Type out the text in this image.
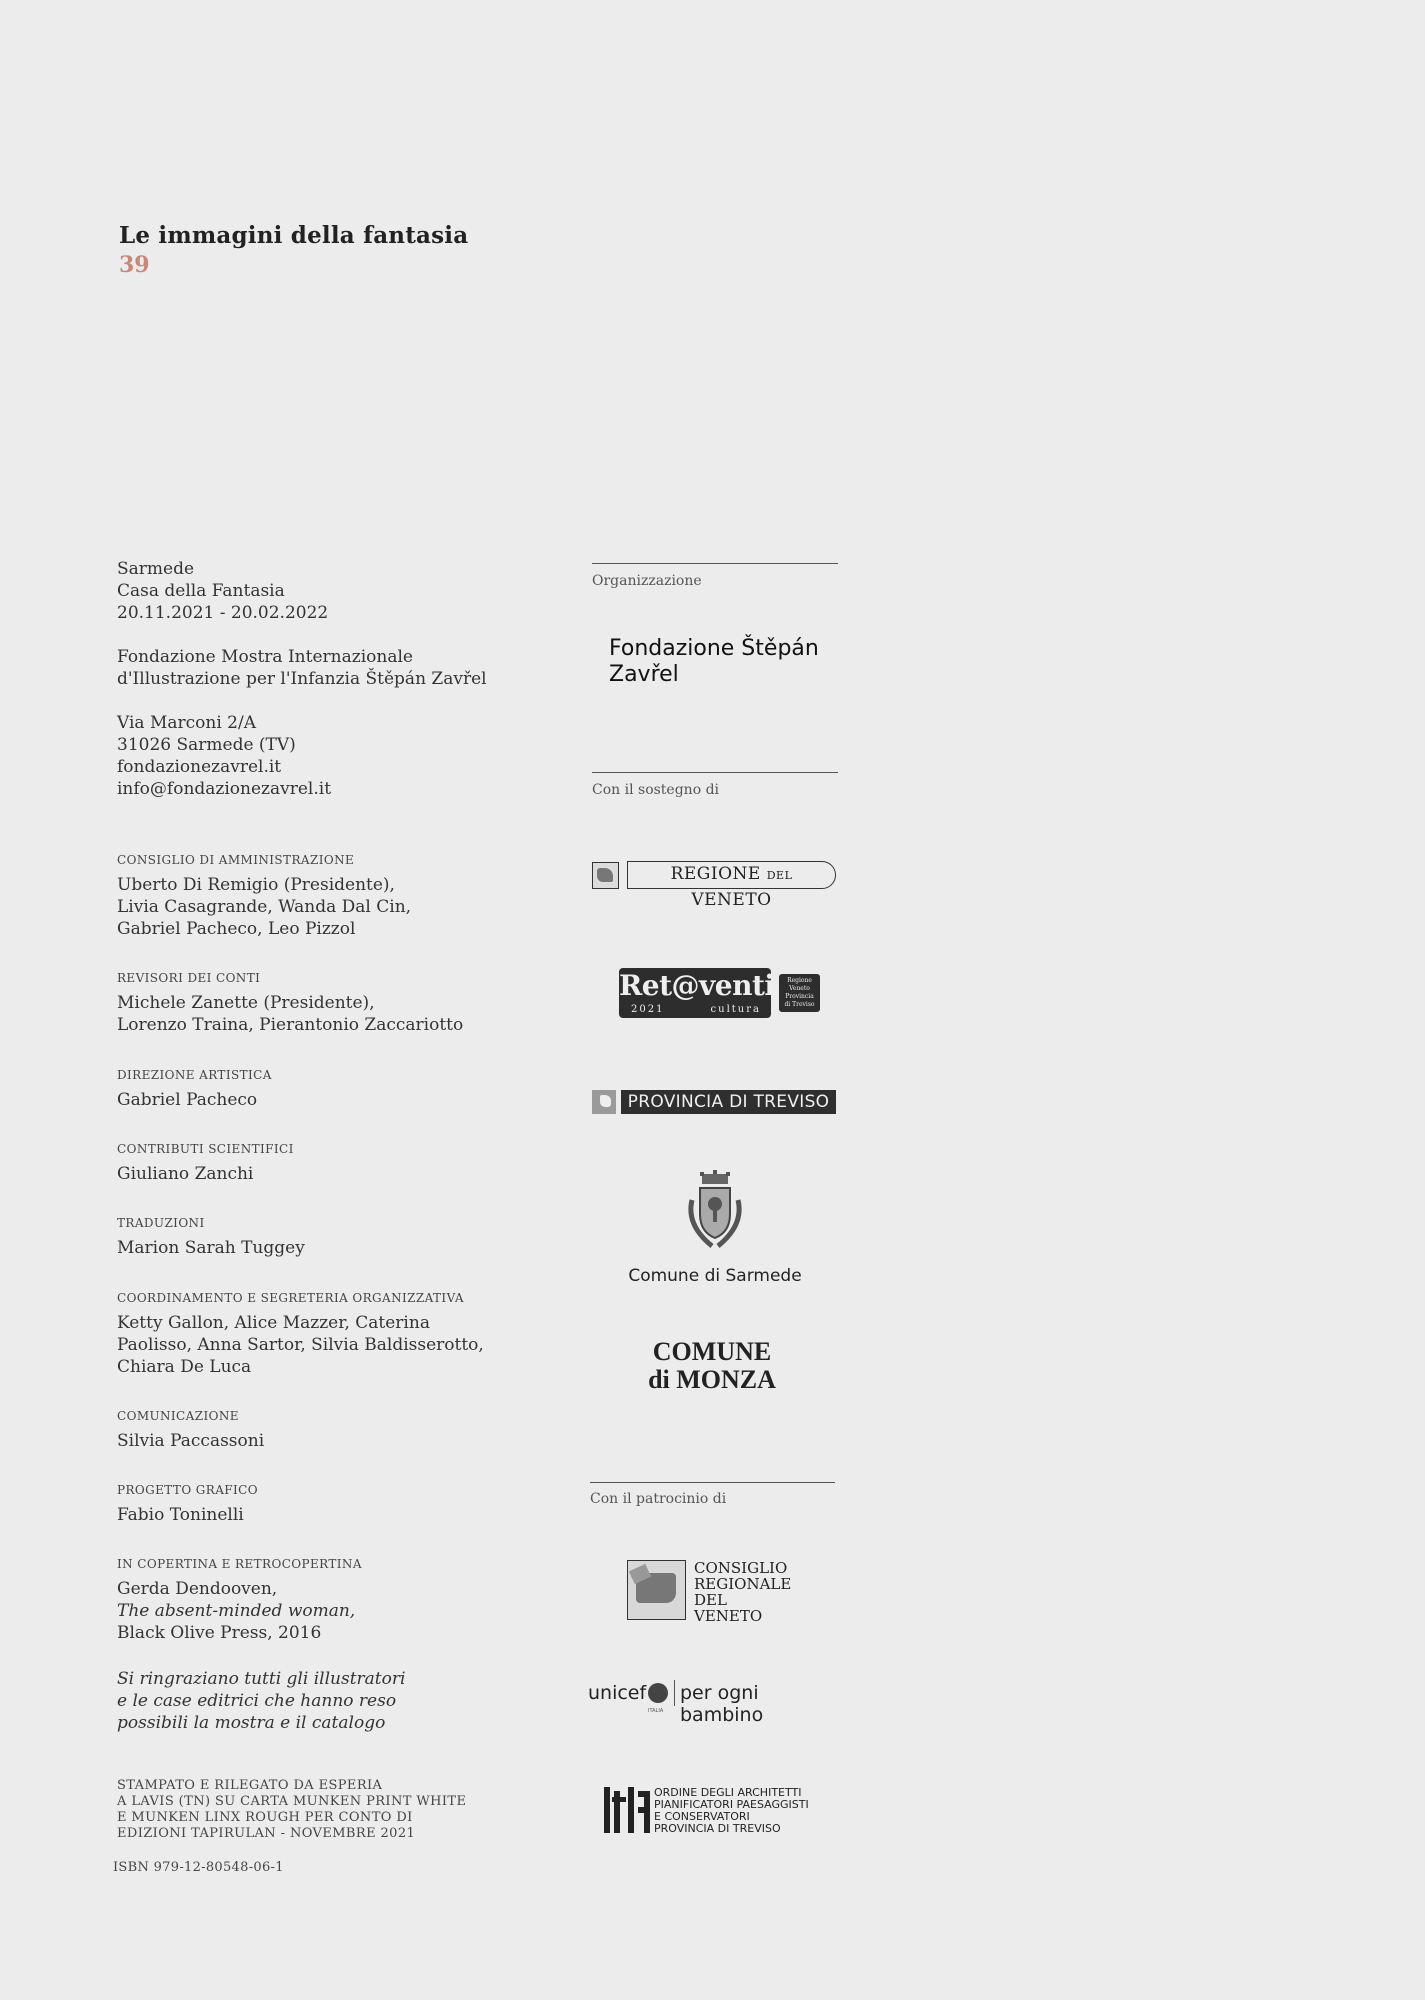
Le immagini della fantasia
39
Sarmede
Casa della Fantasia
20.11.2021 - 20.02.2022
Fondazione Mostra Internazionale
d'Illustrazione per l'Infanzia Štěpán Zavřel
Via Marconi 2/A
31026 Sarmede (TV)
fondazionezavrel.it
info@fondazionezavrel.it
CONSIGLIO DI AMMINISTRAZIONE
Uberto Di Remigio (Presidente),
Livia Casagrande, Wanda Dal Cin,
Gabriel Pacheco, Leo Pizzol
REVISORI DEI CONTI
Michele Zanette (Presidente),
Lorenzo Traina, Pierantonio Zaccariotto
DIREZIONE ARTISTICA
Gabriel Pacheco
CONTRIBUTI SCIENTIFICI
Giuliano Zanchi
TRADUZIONI
Marion Sarah Tuggey
COORDINAMENTO E SEGRETERIA ORGANIZZATIVA
Ketty Gallon, Alice Mazzer, Caterina
Paolisso, Anna Sartor, Silvia Baldisserotto,
Chiara De Luca
COMUNICAZIONE
Silvia Paccassoni
PROGETTO GRAFICO
Fabio Toninelli
IN COPERTINA E RETROCOPERTINA
Gerda Dendooven,
The absent-minded woman,
Black Olive Press, 2016
Si ringraziano tutti gli illustratori
e le case editrici che hanno reso
possibili la mostra e il catalogo
STAMPATO E RILEGATO DA ESPERIA
A LAVIS (TN) SU CARTA MUNKEN PRINT WHITE
E MUNKEN LINX ROUGH PER CONTO DI
EDIZIONI TAPIRULAN - NOVEMBRE 2021
ISBN 979-12-80548-06-1
Organizzazione
Fondazione Štěpán
Zavřel
Con il sostegno di
REGIONE DEL VENETO
Ret@venti
2021	cultura
Regione
Veneto
Provincia
di Treviso
PROVINCIA DI TREVISO
Comune di Sarmede
COMUNE
di MONZA
Con il patrocinio di
CONSIGLIO
REGIONALE
DEL
VENETO
unicef
ITALIA
per ogni bambino
ORDINE DEGLI ARCHITETTI
PIANIFICATORI PAESAGGISTI
E CONSERVATORI
PROVINCIA DI TREVISO
